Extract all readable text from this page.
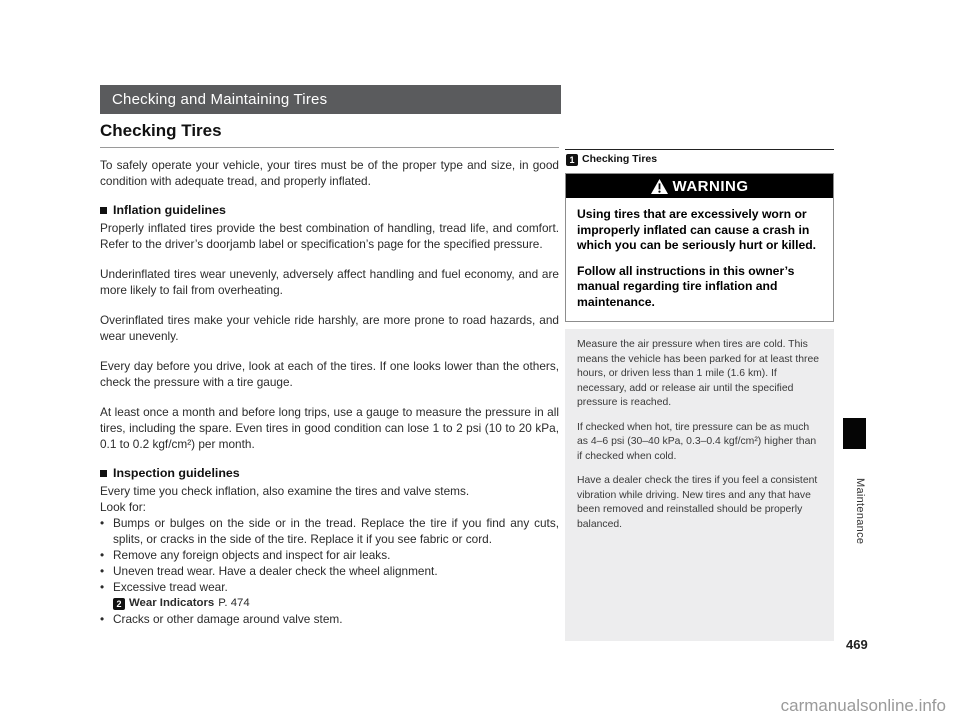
Checking and Maintaining Tires
Checking Tires

To safely operate your vehicle, your tires must be of the proper type and size, in good condition with adequate tread, and properly inflated.

Inflation guidelines

Properly inflated tires provide the best combination of handling, tread life, and comfort. Refer to the driver’s doorjamb label or specification’s page for the specified pressure.

Underinflated tires wear unevenly, adversely affect handling and fuel economy, and are more likely to fail from overheating.

Overinflated tires make your vehicle ride harshly, are more prone to road hazards, and wear unevenly.

Every day before you drive, look at each of the tires. If one looks lower than the others, check the pressure with a tire gauge.

At least once a month and before long trips, use a gauge to measure the pressure in all tires, including the spare. Even tires in good condition can lose 1 to 2 psi (10 to 20 kPa, 0.1 to 0.2 kgf/cm²) per month.

Inspection guidelines

Every time you check inflation, also examine the tires and valve stems.

Look for:

• Bumps or bulges on the side or in the tread. Replace the tire if you find any cuts, splits, or cracks in the side of the tire. Replace it if you see fabric or cord.
• Remove any foreign objects and inspect for air leaks.
• Uneven tread wear. Have a dealer check the wheel alignment.
• Excessive tread wear.
2 Wear Indicators P. 474
• Cracks or other damage around valve stem.
1 Checking Tires
WARNING

Using tires that are excessively worn or improperly inflated can cause a crash in which you can be seriously hurt or killed.

Follow all instructions in this owner’s manual regarding tire inflation and maintenance.

Measure the air pressure when tires are cold. This means the vehicle has been parked for at least three hours, or driven less than 1 mile (1.6 km). If necessary, add or release air until the specified pressure is reached.

If checked when hot, tire pressure can be as much as 4–6 psi (30–40 kPa, 0.3–0.4 kgf/cm²) higher than if checked when cold.

Have a dealer check the tires if you feel a consistent vibration while driving. New tires and any that have been removed and reinstalled should be properly balanced.	Maintenance
469
carmanualsonline.info
